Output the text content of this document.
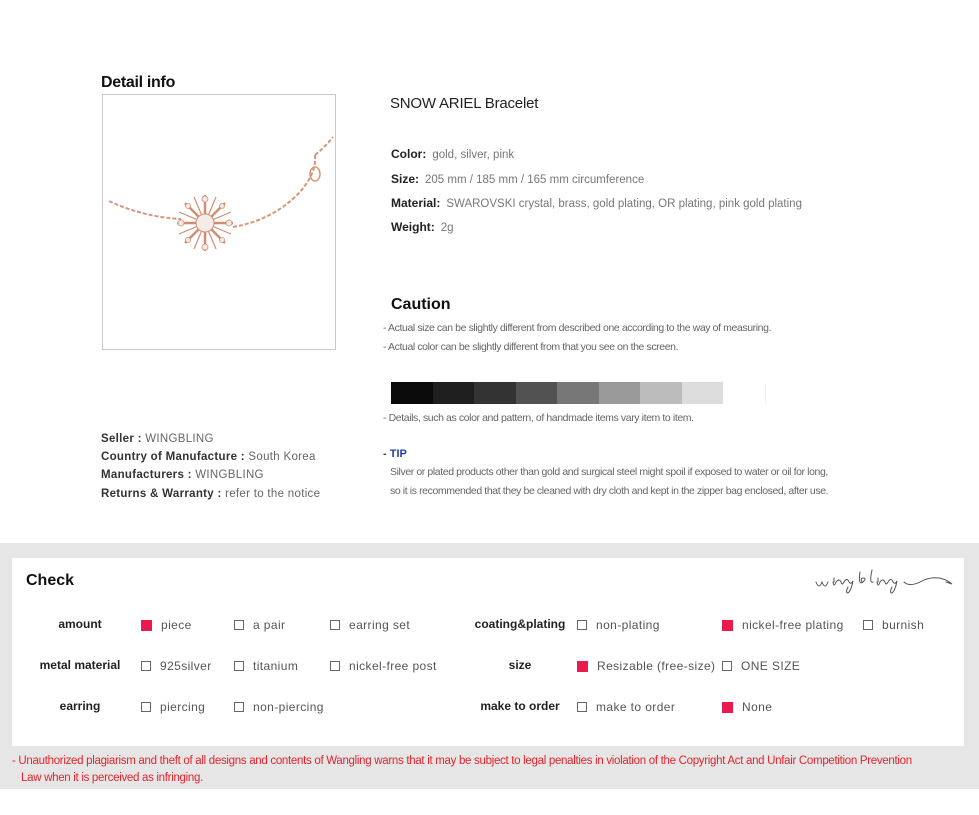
Detail info
SNOW ARIEL Bracelet
Color: gold, silver, pink
Size: 205 mm / 185 mm / 165 mm circumference
Material: SWAROVSKI crystal, brass, gold plating, OR plating, pink gold plating
Weight: 2g
Caution
- Actual size can be slightly different from described one according to the way of measuring.
- Actual color can be slightly different from that you see on the screen.
- Details, such as color and pattern, of handmade items vary item to item.
- TIP
Silver or plated products other than gold and surgical steel might spoil if exposed to water or oil for long,
so it is recommended that they be cleaned with dry cloth and kept in the zipper bag enclosed, after use.
Seller : WINGBLING
Country of Manufacture : South Korea
Manufacturers : WINGBLING
Returns & Warranty : refer to the notice
Check
amount	piece	a pair	earring set
metal material	925silver	titanium	nickel-free post
earring	piercing	non-piercing
coating&plating	non-plating	nickel-free plating	burnish
size	Resizable (free-size) ONE SIZE
make to order	make to order	None
- Unauthorized plagiarism and theft of all designs and contents of Wangling warns that it may be subject to legal penalties in violation of the Copyright Act and Unfair Competition Prevention
Law when it is perceived as infringing.
